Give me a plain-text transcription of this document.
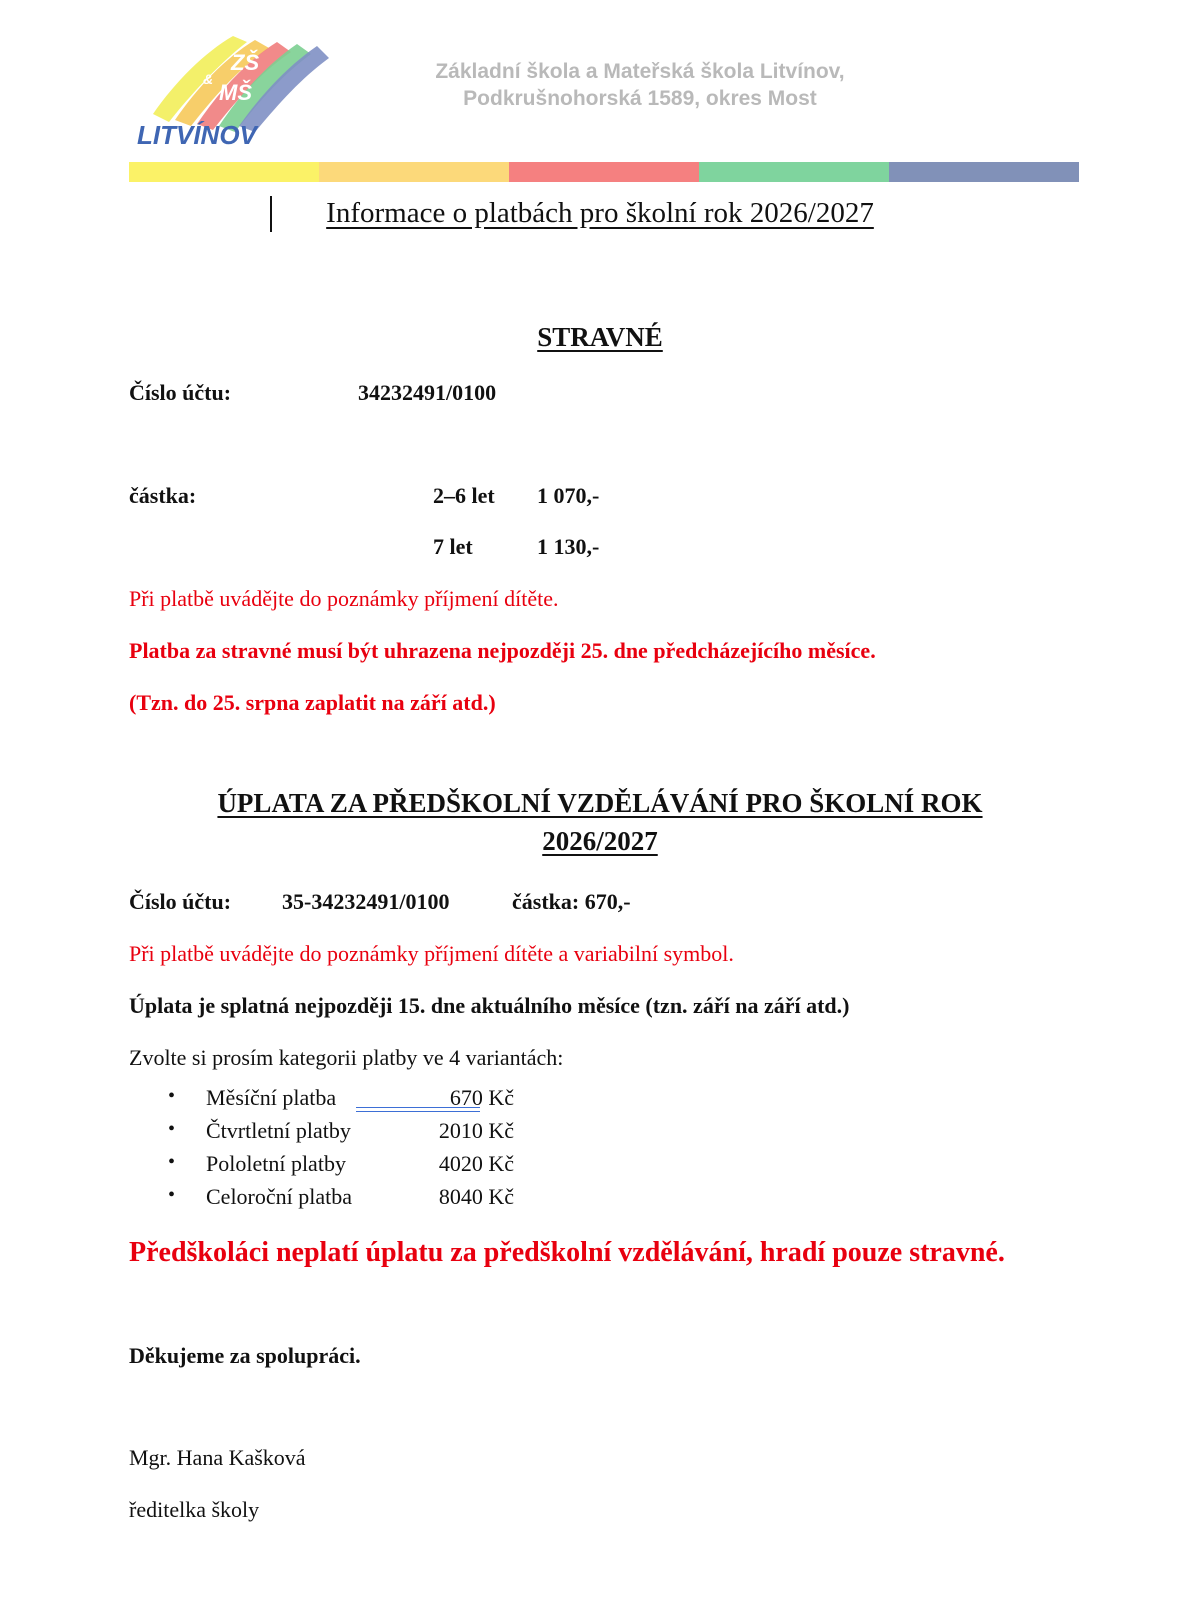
ZŠ
&
MŠ
LITVÍNOV
Základní škola a Mateřská škola Litvínov,
Podkrušnohorská 1589, okres Most
Informace o platbách pro školní rok 2026/2027
STRAVNÉ
Číslo účtu:	34232491/0100
částka:	2–6 let 1 070,-
7 let	1 130,-
Při platbě uvádějte do poznámky příjmení dítěte.
Platba za stravné musí být uhrazena nejpozději 25. dne předcházejícího měsíce.
(Tzn. do 25. srpna zaplatit na září atd.)
ÚPLATA ZA PŘEDŠKOLNÍ VZDĚLÁVÁNÍ PRO ŠKOLNÍ ROK
2026/2027
Číslo účtu: 35-34232491/0100	částka: 670,-
Při platbě uvádějte do poznámky příjmení dítěte a variabilní symbol.
Úplata je splatná nejpozději 15. dne aktuálního měsíce (tzn. září na září atd.)
Zvolte si prosím kategorii platby ve 4 variantách:
• Měsíční platba	670 Kč
• Čtvrtletní platby	2010 Kč
• Pololetní platby	4020 Kč
• Celoroční platba	8040 Kč
Předškoláci neplatí úplatu za předškolní vzdělávání, hradí pouze stravné.
Děkujeme za spolupráci.
Mgr. Hana Kašková
ředitelka školy
